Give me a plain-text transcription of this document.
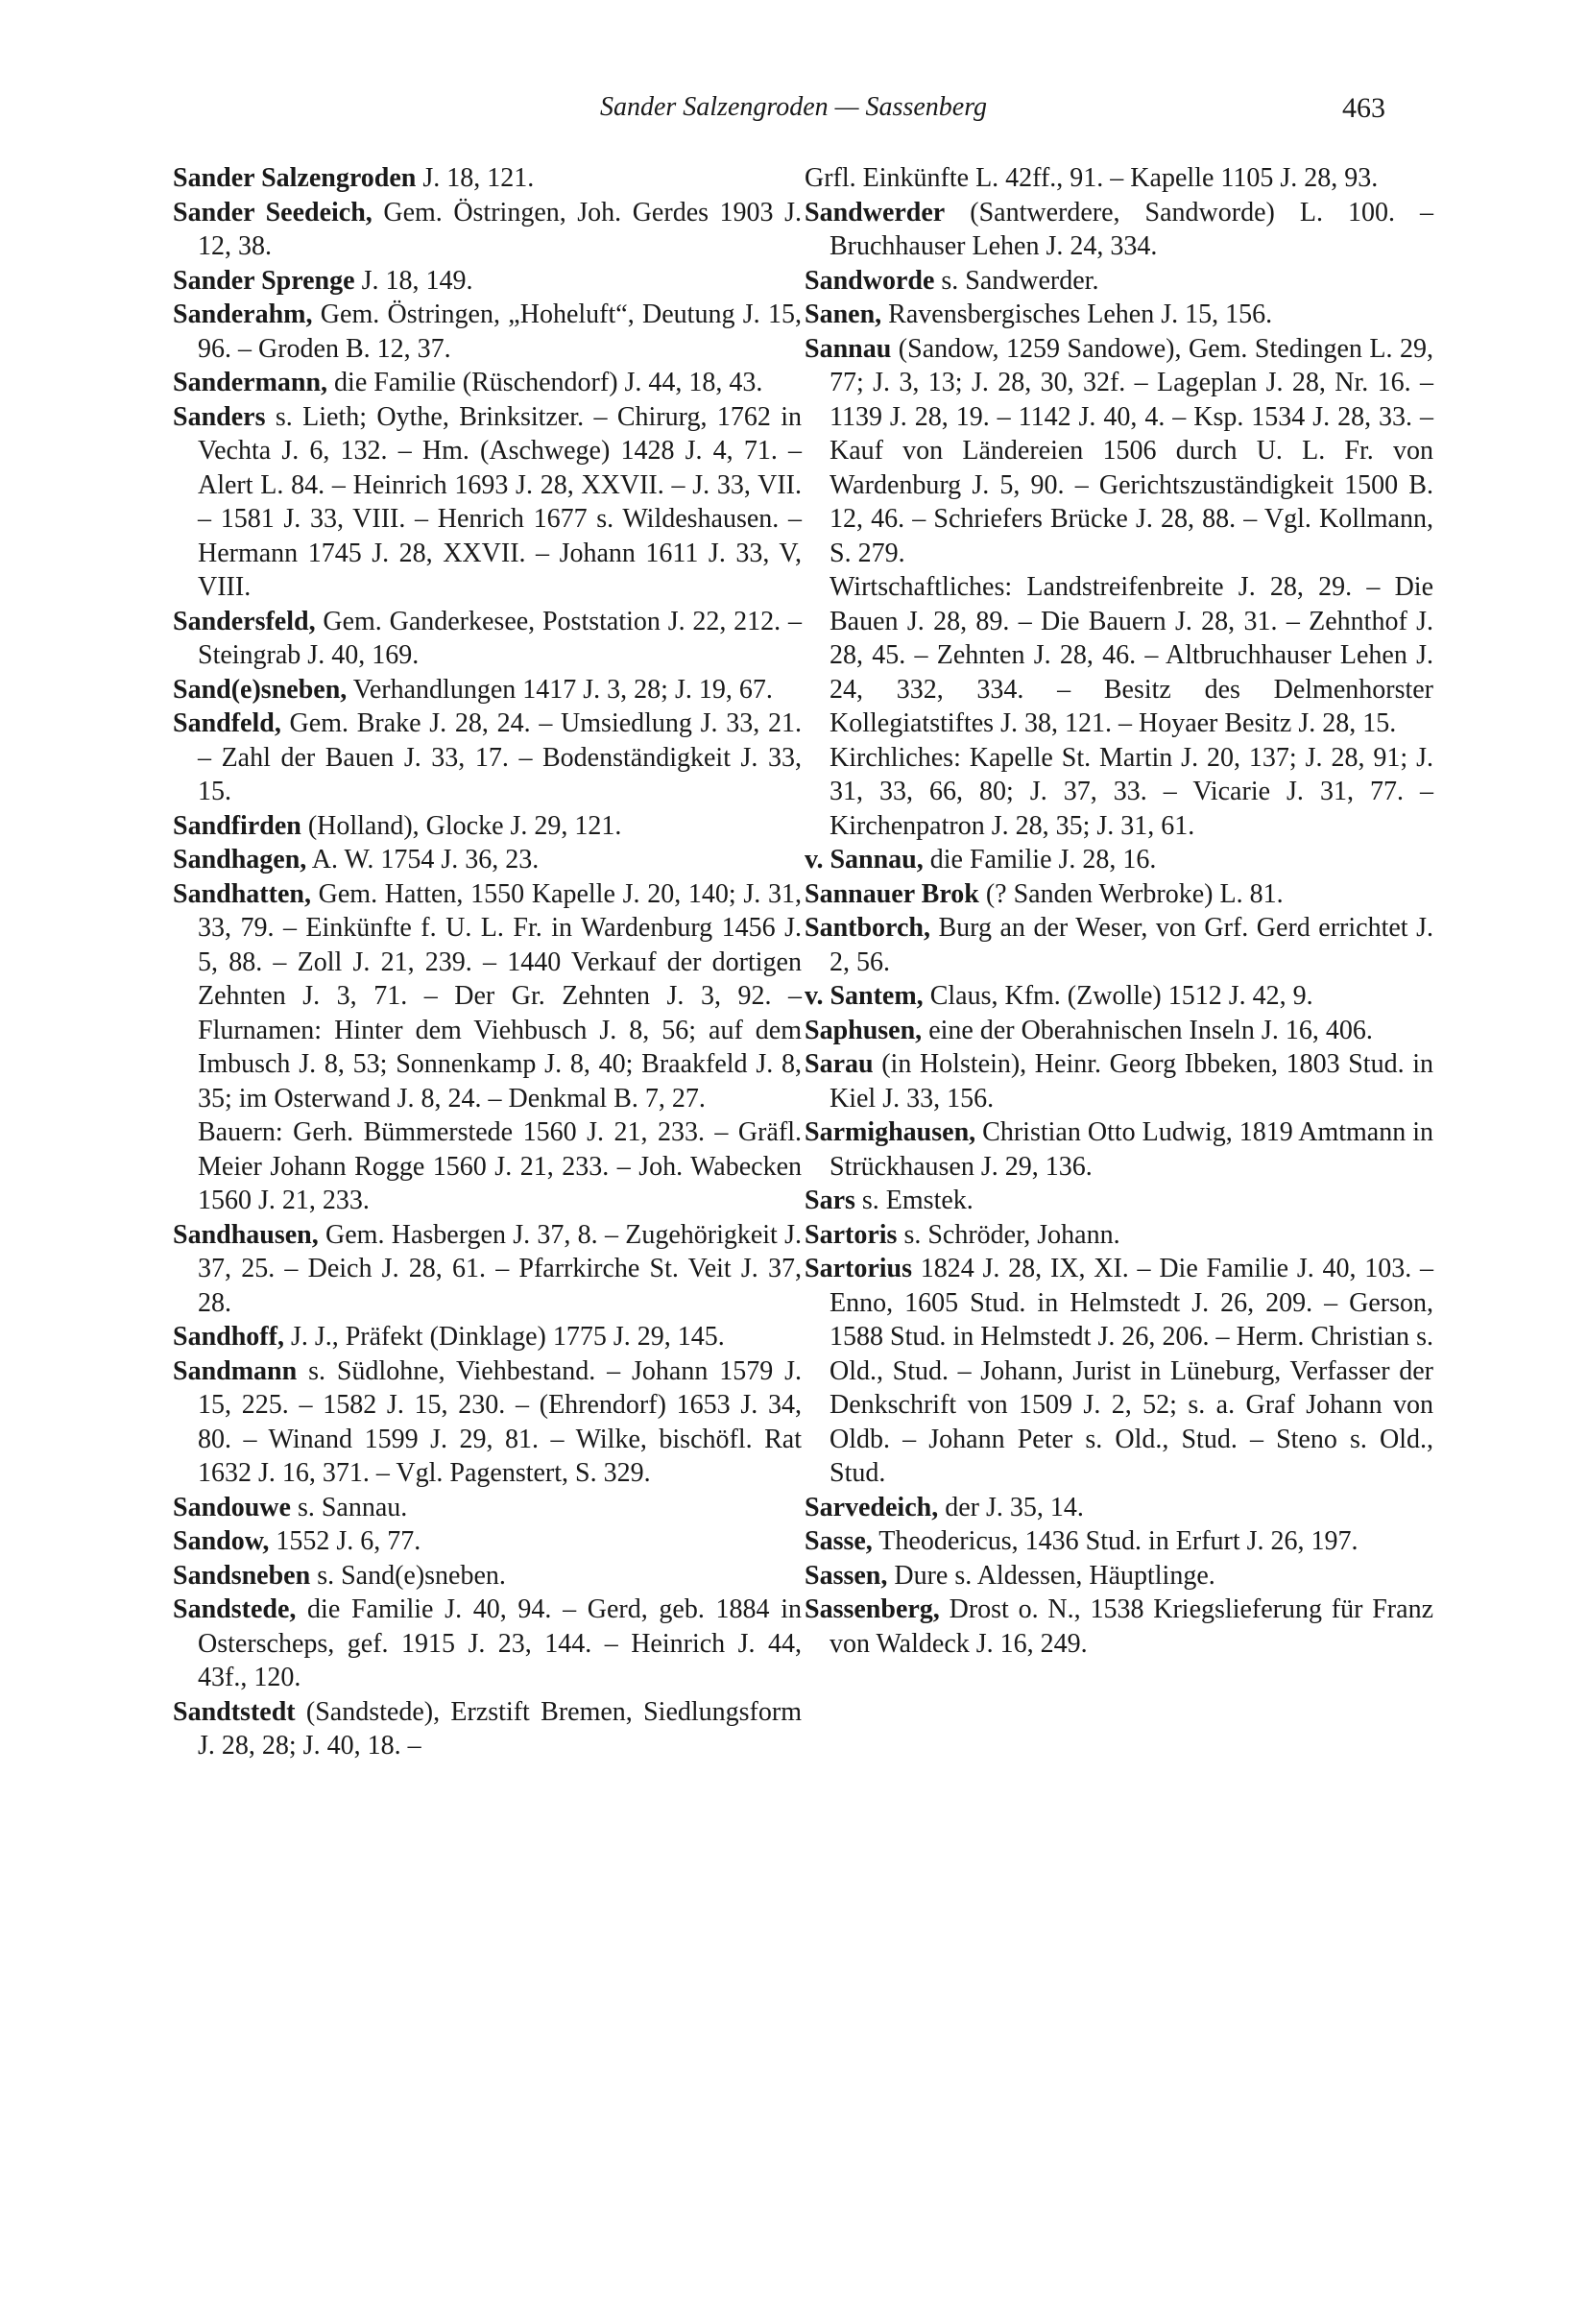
Sander Salzengroden — Sassenberg	463
Sander Salzengroden J. 18, 121.
Sander Seedeich, Gem. Östringen, Joh. Gerdes 1903 J. 12, 38.
Sander Sprenge J. 18, 149.
Sanderahm, Gem. Östringen, „Hoheluft“, Deutung J. 15, 96. – Groden B. 12, 37.
Sandermann, die Familie (Rüschendorf) J. 44, 18, 43.
Sanders s. Lieth; Oythe, Brinksitzer. – Chirurg, 1762 in Vechta J. 6, 132. – Hm. (Aschwege) 1428 J. 4, 71. – Alert L. 84. – Heinrich 1693 J. 28, XXVII. – J. 33, VII. – 1581 J. 33, VIII. – Henrich 1677 s. Wildeshausen. – Hermann 1745 J. 28, XXVII. – Johann 1611 J. 33, V, VIII.
Sandersfeld, Gem. Ganderkesee, Poststation J. 22, 212. – Steingrab J. 40, 169.
Sand(e)sneben, Verhandlungen 1417 J. 3, 28; J. 19, 67.
Sandfeld, Gem. Brake J. 28, 24. – Umsiedlung J. 33, 21. – Zahl der Bauen J. 33, 17. – Bodenständigkeit J. 33, 15.
Sandfirden (Holland), Glocke J. 29, 121.
Sandhagen, A. W. 1754 J. 36, 23.
Sandhatten, Gem. Hatten, 1550 Kapelle J. 20, 140; J. 31, 33, 79. – Einkünfte f. U. L. Fr. in Wardenburg 1456 J. 5, 88. – Zoll J. 21, 239. – 1440 Verkauf der dortigen Zehnten J. 3, 71. – Der Gr. Zehnten J. 3, 92. – Flurnamen: Hinter dem Viehbusch J. 8, 56; auf dem Imbusch J. 8, 53; Sonnenkamp J. 8, 40; Braakfeld J. 8, 35; im Osterwand J. 8, 24. – Denkmal B. 7, 27.
Bauern: Gerh. Bümmerstede 1560 J. 21, 233. – Gräfl. Meier Johann Rogge 1560 J. 21, 233. – Joh. Wabecken 1560 J. 21, 233.
Sandhausen, Gem. Hasbergen J. 37, 8. – Zugehörigkeit J. 37, 25. – Deich J. 28, 61. – Pfarrkirche St. Veit J. 37, 28.
Sandhoff, J. J., Präfekt (Dinklage) 1775 J. 29, 145.
Sandmann s. Südlohne, Viehbestand. – Johann 1579 J. 15, 225. – 1582 J. 15, 230. – (Ehrendorf) 1653 J. 34, 80. – Winand 1599 J. 29, 81. – Wilke, bischöfl. Rat 1632 J. 16, 371. – Vgl. Pagenstert, S. 329.
Sandouwe s. Sannau.
Sandow, 1552 J. 6, 77.
Sandsneben s. Sand(e)sneben.
Sandstede, die Familie J. 40, 94. – Gerd, geb. 1884 in Osterscheps, gef. 1915 J. 23, 144. – Heinrich J. 44, 43f., 120.
Sandtstedt (Sandstede), Erzstift Bremen, Siedlungsform J. 28, 28; J. 40, 18. –
Grfl. Einkünfte L. 42ff., 91. – Kapelle 1105 J. 28, 93.
Sandwerder (Santwerdere, Sandworde) L. 100. – Bruchhauser Lehen J. 24, 334.
Sandworde s. Sandwerder.
Sanen, Ravensbergisches Lehen J. 15, 156.
Sannau (Sandow, 1259 Sandowe), Gem. Stedingen L. 29, 77; J. 3, 13; J. 28, 30, 32f. – Lageplan J. 28, Nr. 16. – 1139 J. 28, 19. – 1142 J. 40, 4. – Ksp. 1534 J. 28, 33. – Kauf von Ländereien 1506 durch U. L. Fr. von Wardenburg J. 5, 90. – Gerichtszuständigkeit 1500 B. 12, 46. – Schriefers Brücke J. 28, 88. – Vgl. Kollmann, S. 279.
Wirtschaftliches: Landstreifenbreite J. 28, 29. – Die Bauen J. 28, 89. – Die Bauern J. 28, 31. – Zehnthof J. 28, 45. – Zehnten J. 28, 46. – Altbruchhauser Lehen J. 24, 332, 334. – Besitz des Delmenhorster Kollegiatstiftes J. 38, 121. – Hoyaer Besitz J. 28, 15.
Kirchliches: Kapelle St. Martin J. 20, 137; J. 28, 91; J. 31, 33, 66, 80; J. 37, 33. – Vicarie J. 31, 77. – Kirchenpatron J. 28, 35; J. 31, 61.
v. Sannau, die Familie J. 28, 16.
Sannauer Brok (? Sanden Werbroke) L. 81.
Santborch, Burg an der Weser, von Grf. Gerd errichtet J. 2, 56.
v. Santem, Claus, Kfm. (Zwolle) 1512 J. 42, 9.
Saphusen, eine der Oberahnischen Inseln J. 16, 406.
Sarau (in Holstein), Heinr. Georg Ibbeken, 1803 Stud. in Kiel J. 33, 156.
Sarmighausen, Christian Otto Ludwig, 1819 Amtmann in Strückhausen J. 29, 136.
Sars s. Emstek.
Sartoris s. Schröder, Johann.
Sartorius 1824 J. 28, IX, XI. – Die Familie J. 40, 103. – Enno, 1605 Stud. in Helmstedt J. 26, 209. – Gerson, 1588 Stud. in Helmstedt J. 26, 206. – Herm. Christian s. Old., Stud. – Johann, Jurist in Lüneburg, Verfasser der Denkschrift von 1509 J. 2, 52; s. a. Graf Johann von Oldb. – Johann Peter s. Old., Stud. – Steno s. Old., Stud.
Sarvedeich, der J. 35, 14.
Sasse, Theodericus, 1436 Stud. in Erfurt J. 26, 197.
Sassen, Dure s. Aldessen, Häuptlinge.
Sassenberg, Drost o. N., 1538 Kriegslieferung für Franz von Waldeck J. 16, 249.
